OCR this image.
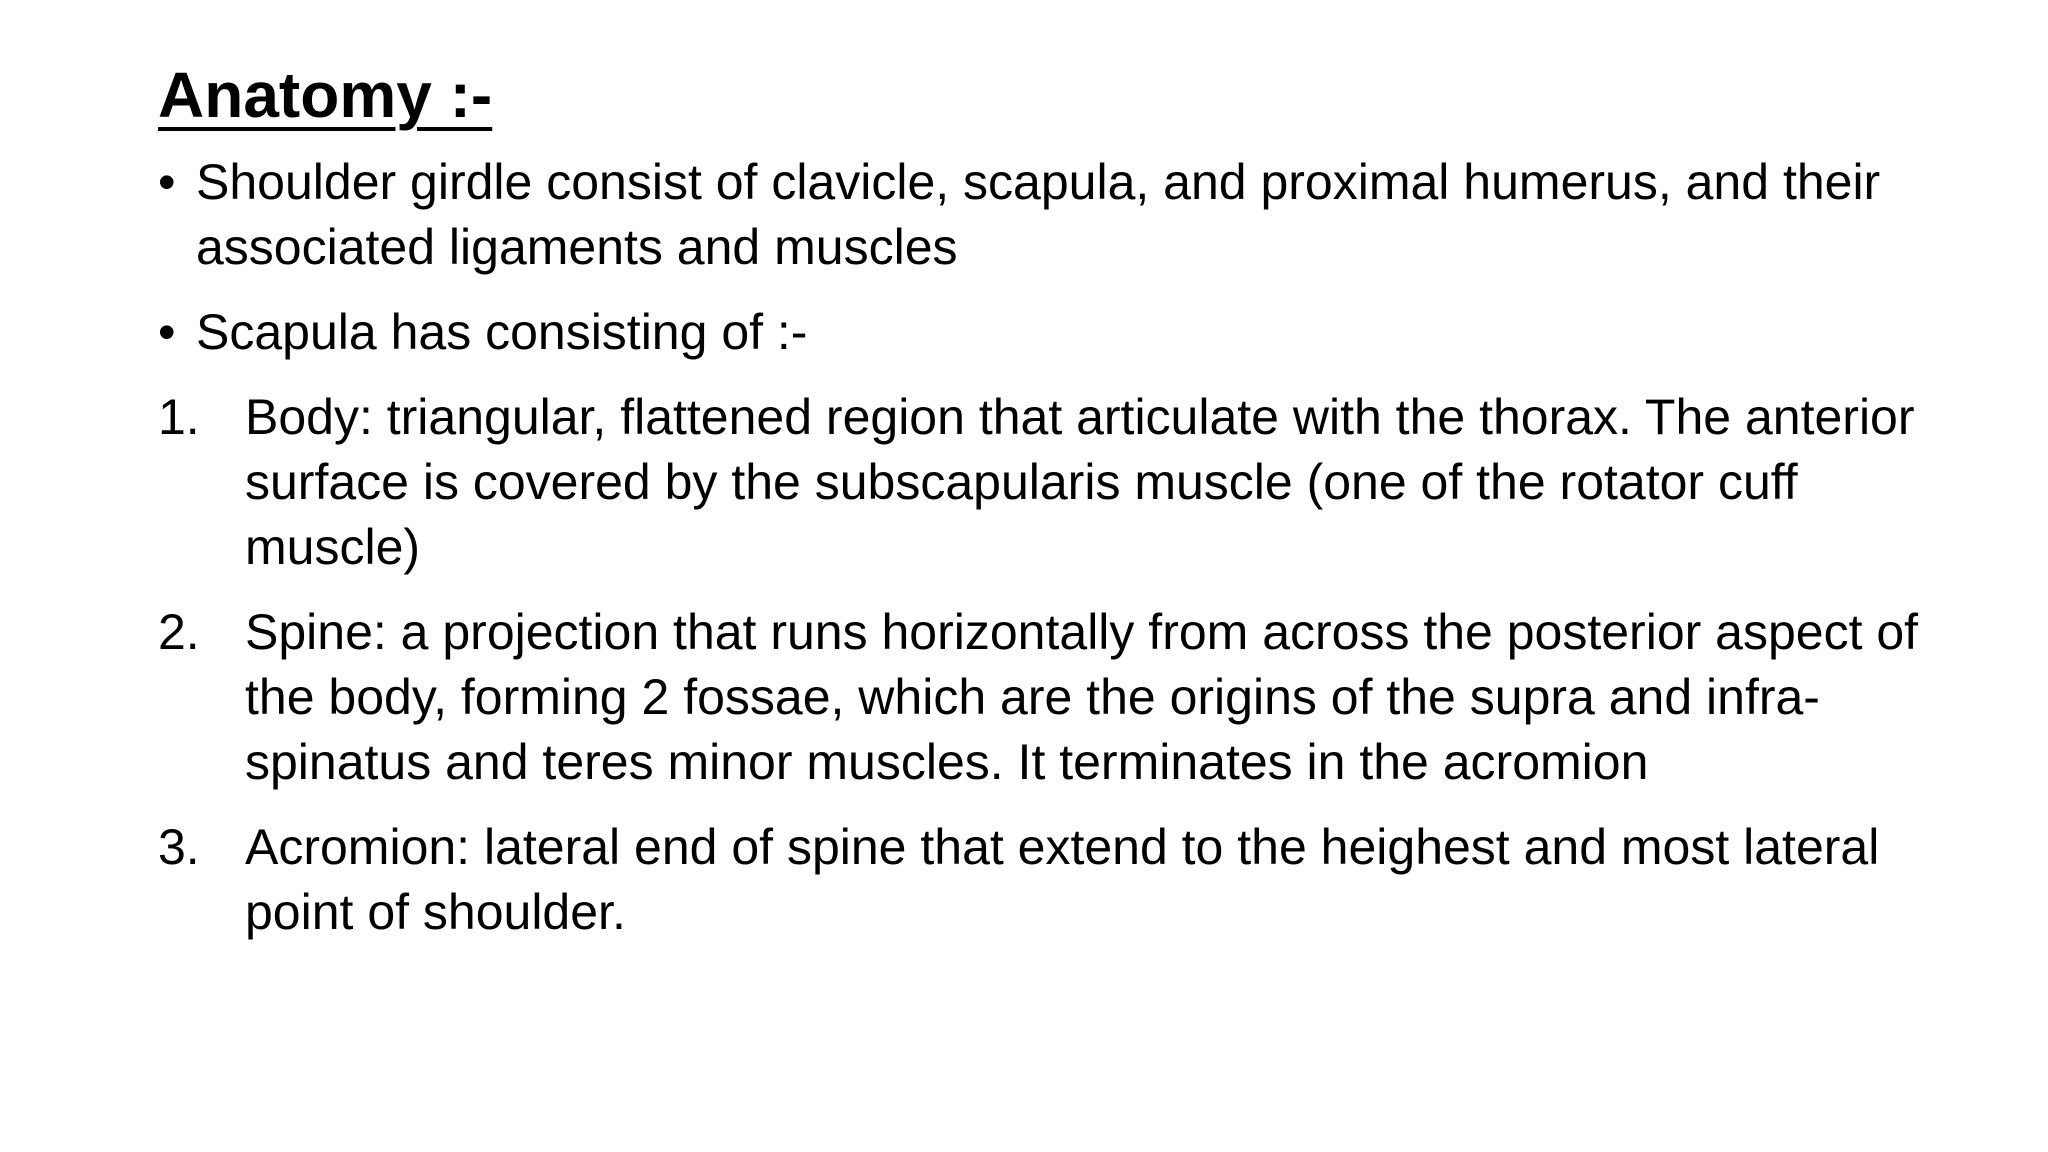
Anatomy :-
• Shoulder girdle consist of clavicle, scapula, and proximal humerus, and their associated ligaments and muscles
• Scapula has consisting of :-
1. Body: triangular, flattened region that articulate with the thorax. The anterior surface is covered by the subscapularis muscle (one of the rotator cuff muscle)
2. Spine: a projection that runs horizontally from across the posterior aspect of the body, forming 2 fossae, which are the origins of the supra and infra-spinatus and teres minor muscles. It terminates in the acromion
3. Acromion: lateral end of spine that extend to the heighest and most lateral point of shoulder.
